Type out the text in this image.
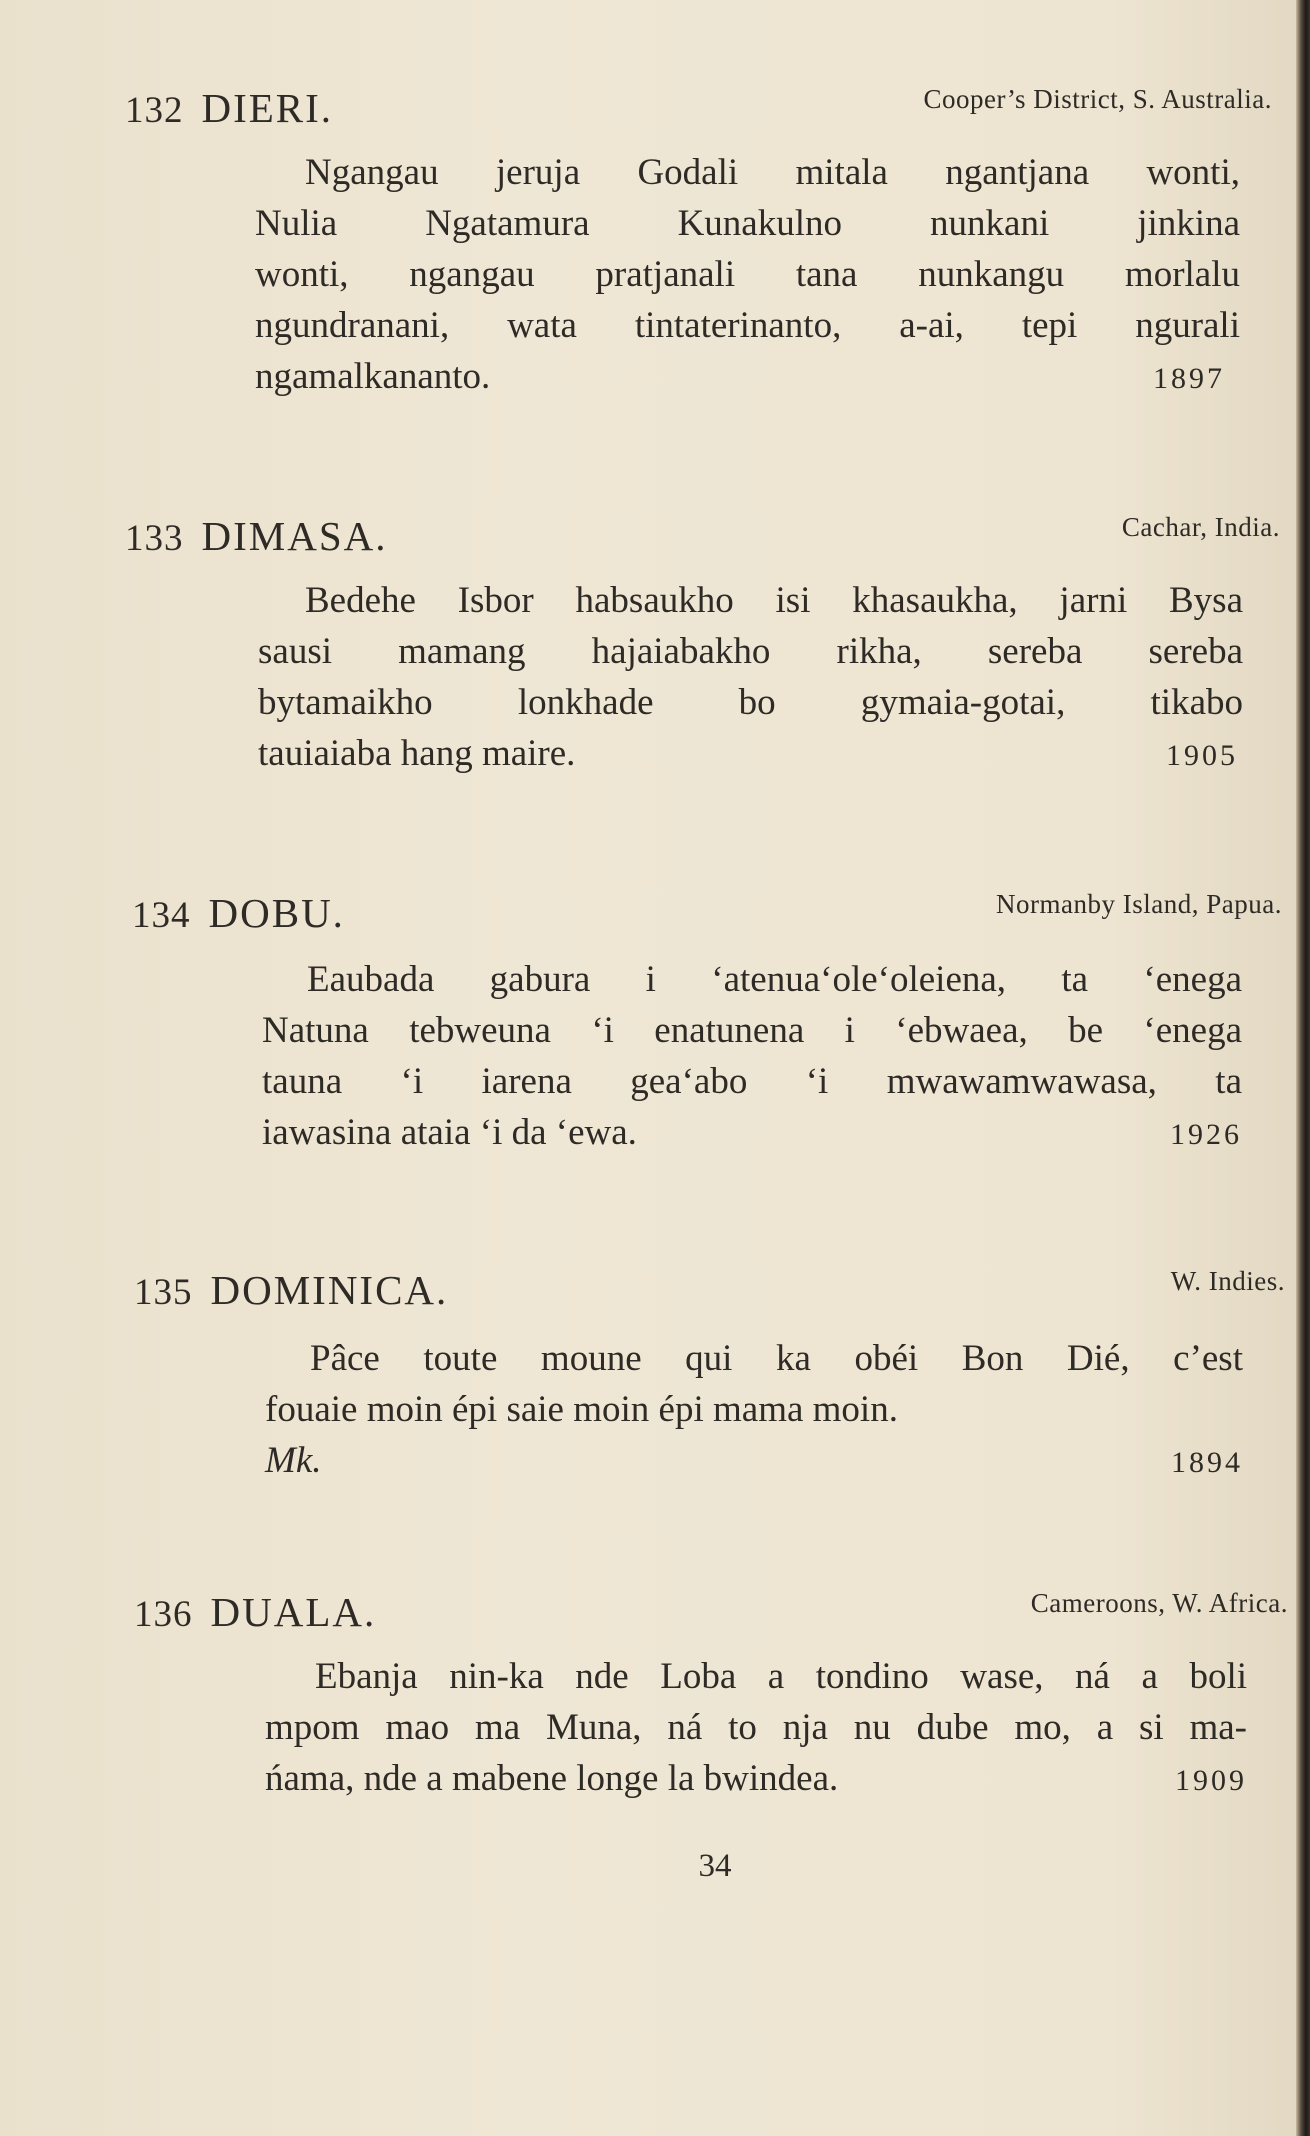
132 DIERI.	Cooper’s District, S. Australia.
Ngangau jeruja Godali mitala ngantjana wonti,
Nulia Ngatamura Kunakulno nunkani jinkina
wonti, ngangau pratjanali tana nunkangu morlalu
ngundranani, wata tintaterinanto, a-ai, tepi ngurali
ngamalkananto.	1897
133 DIMASA.	Cachar, India.
Bedehe Isbor habsaukho isi khasaukha, jarni Bysa
sausi mamang hajaiabakho rikha, sereba sereba
bytamaikho lonkhade bo gymaia-gotai, tikabo
tauiaiaba hang maire.	1905
134 DOBU.	Normanby Island, Papua.
Eaubada gabura i ‘atenua‘ole‘oleiena, ta ‘enega
Natuna tebweuna ‘i enatunena i ‘ebwaea, be ‘enega
tauna ‘i iarena gea‘abo ‘i mwawamwawasa, ta
iawasina ataia ‘i da ‘ewa.	1926
135 DOMINICA.	W. Indies.
Pâce toute moune qui ka obéi Bon Dié, c’est
fouaie moin épi saie moin épi mama moin.
Mk.	1894
136 DUALA.	Cameroons, W. Africa.
Ebanja nin-ka nde Loba a tondino wase, ná a boli
mpom mao ma Muna, ná to nja nu dube mo, a si ma-
ńama, nde a mabene longe la bwindea.	1909
34
